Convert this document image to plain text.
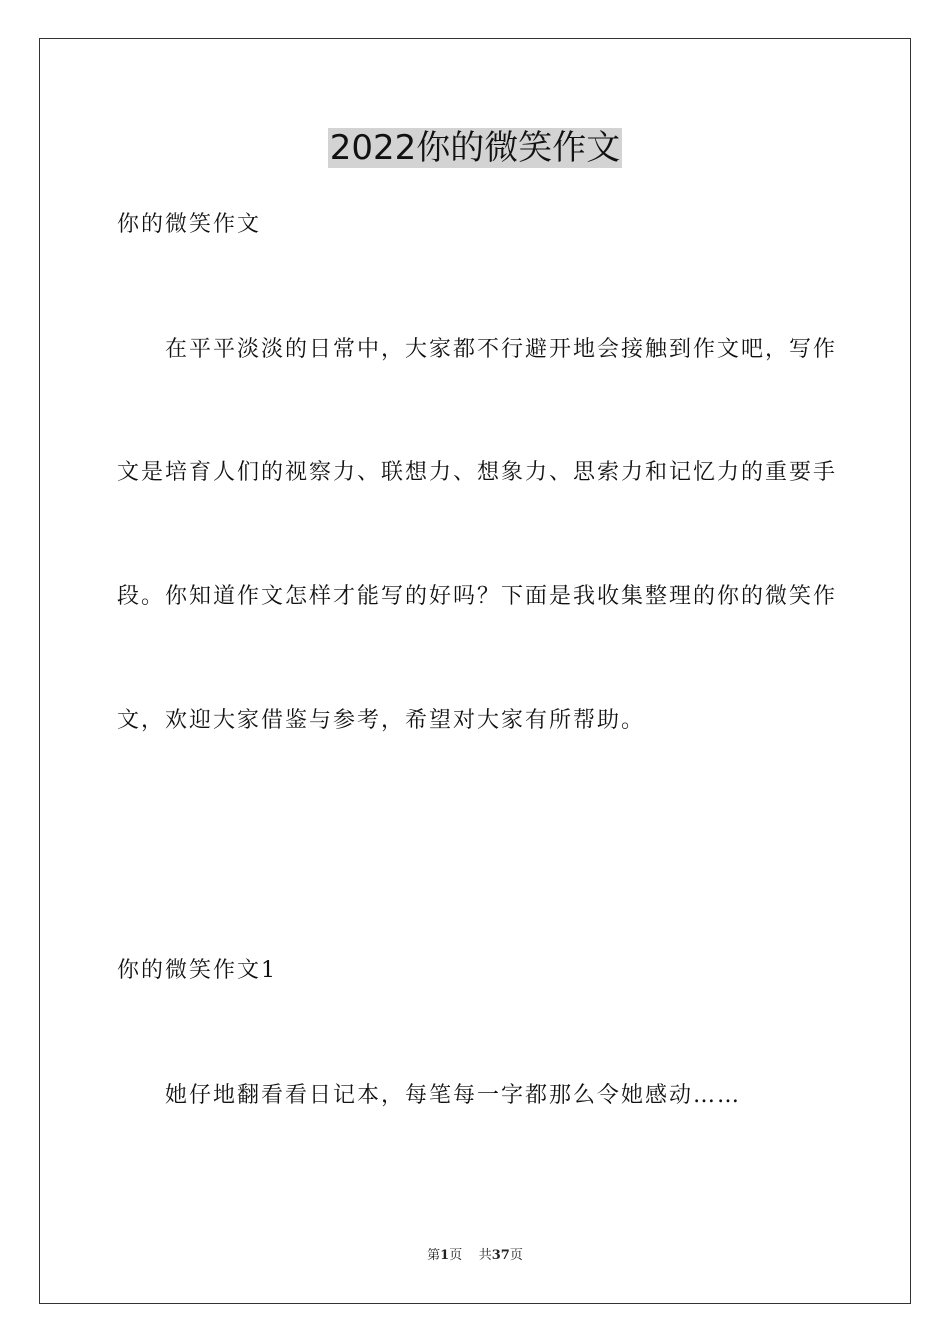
2022你的微笑作文

你的微笑作文

在平平淡淡的日常中，大家都不行避开地会接触到作文吧，写作

文是培育人们的视察力、联想力、想象力、思索力和记忆力的重要手

段。你知道作文怎样才能写的好吗？下面是我收集整理的你的微笑作

文，欢迎大家借鉴与参考，希望对大家有所帮助。

你的微笑作文1

她仔地翻看看日记本，每笔每一字都那么令她感动……

第1页 共37页
